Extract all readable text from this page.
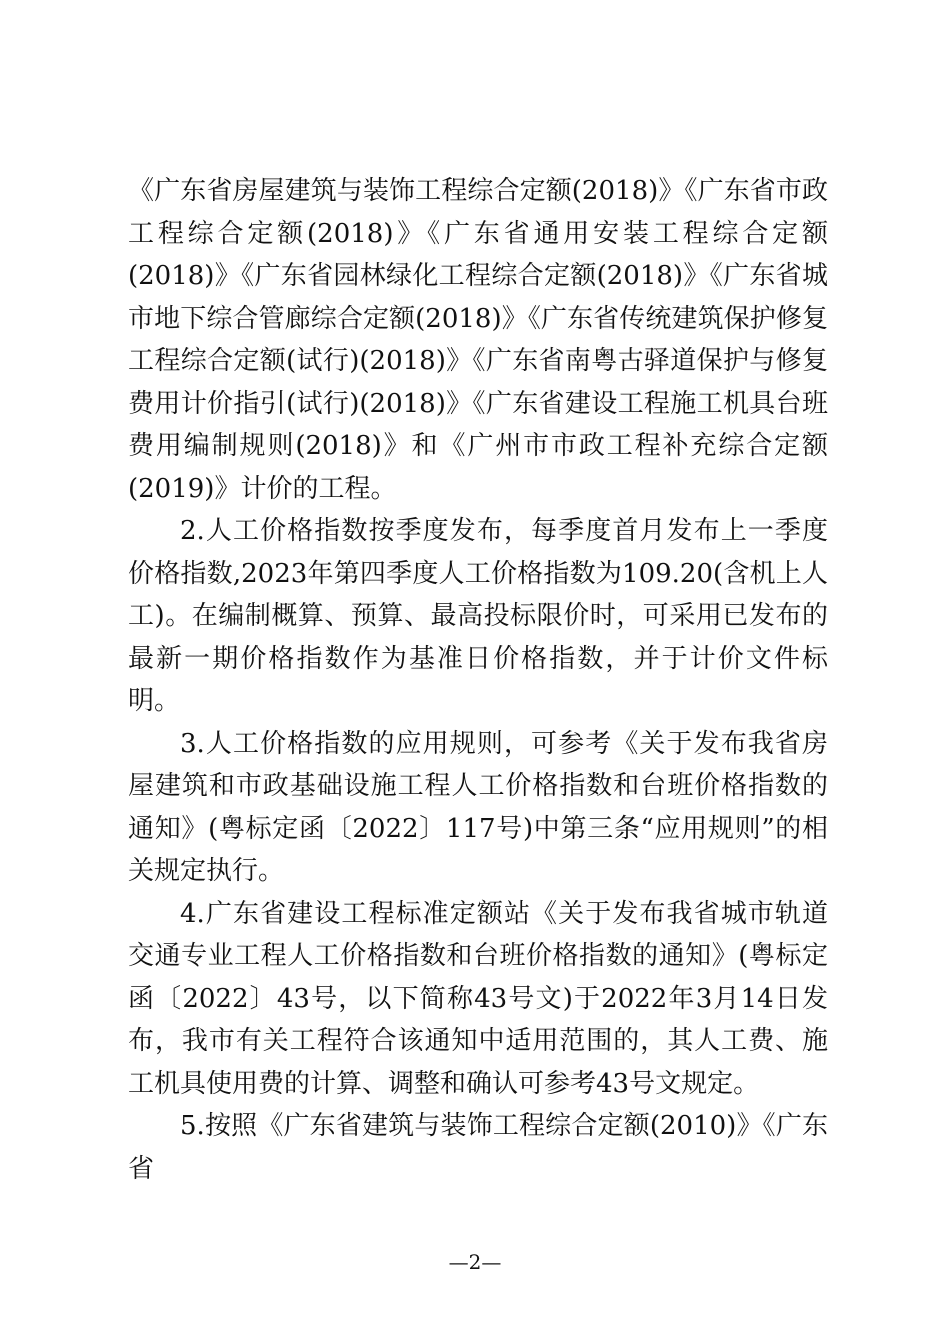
《广东省房屋建筑与装饰工程综合定额(2018)》《广东省市政工程综合定额(2018)》《广东省通用安装工程综合定额(2018)》《广东省园林绿化工程综合定额(2018)》《广东省城市地下综合管廊综合定额(2018)》《广东省传统建筑保护修复工程综合定额(试行)(2018)》《广东省南粤古驿道保护与修复费用计价指引(试行)(2018)》《广东省建设工程施工机具台班费用编制规则(2018)》和《广州市市政工程补充综合定额(2019)》计价的工程。

2.人工价格指数按季度发布，每季度首月发布上一季度价格指数,2023年第四季度人工价格指数为109.20(含机上人工)。在编制概算、预算、最高投标限价时，可采用已发布的最新一期价格指数作为基准日价格指数，并于计价文件标明。

3.人工价格指数的应用规则，可参考《关于发布我省房屋建筑和市政基础设施工程人工价格指数和台班价格指数的通知》(粤标定函〔2022〕117号)中第三条“应用规则”的相关规定执行。

4.广东省建设工程标准定额站《关于发布我省城市轨道交通专业工程人工价格指数和台班价格指数的通知》(粤标定函〔2022〕43号，以下简称43号文)于2022年3月14日发布，我市有关工程符合该通知中适用范围的，其人工费、施工机具使用费的计算、调整和确认可参考43号文规定。

5.按照《广东省建筑与装饰工程综合定额(2010)》《广东省

—2—
